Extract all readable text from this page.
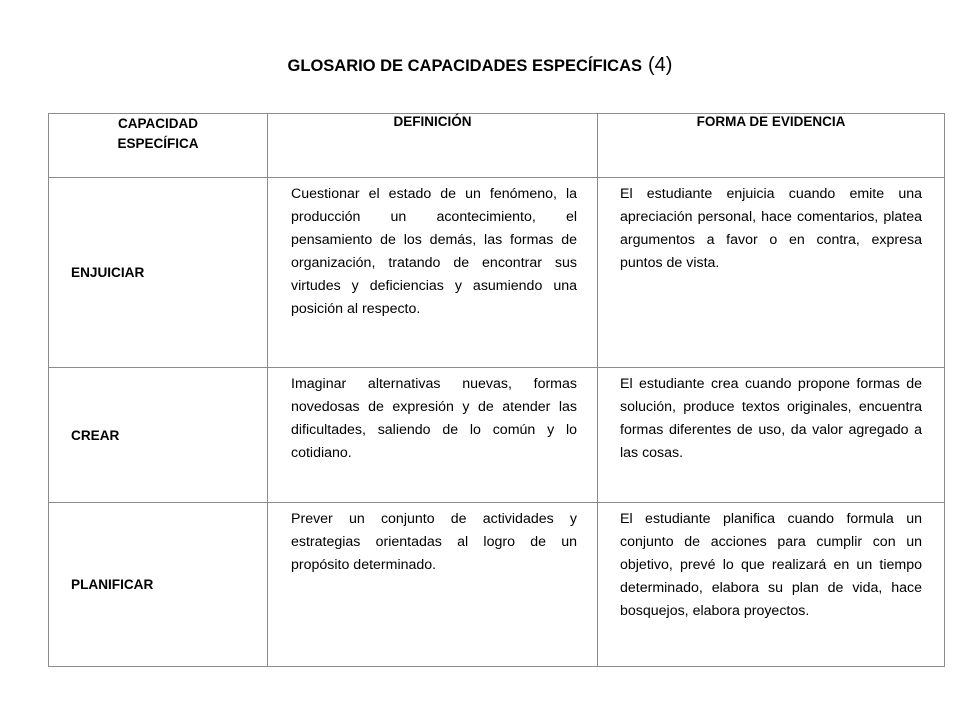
GLOSARIO DE CAPACIDADES ESPECÍFICAS (4)
CAPACIDAD
ESPECÍFICA	DEFINICIÓN	FORMA DE EVIDENCIA
ENJUICIAR	Cuestionar el estado de un fenómeno, la producción un acontecimiento, el pensamiento de los demás, las formas de organización, tratando de encontrar sus virtudes y deficiencias y asumiendo una posición al respecto.	El estudiante enjuicia cuando emite una apreciación personal, hace comentarios, platea argumentos a favor o en contra, expresa puntos de vista.
CREAR	Imaginar alternativas nuevas, formas novedosas de expresión y de atender las dificultades, saliendo de lo común y lo cotidiano.	El estudiante crea cuando propone formas de solución, produce textos originales, encuentra formas diferentes de uso, da valor agregado a las cosas.
PLANIFICAR	Prever un conjunto de actividades y estrategias orientadas al logro de un propósito determinado.	El estudiante planifica cuando formula un conjunto de acciones para cumplir con un objetivo, prevé lo que realizará en un tiempo determinado, elabora su plan de vida, hace bosquejos, elabora proyectos.
